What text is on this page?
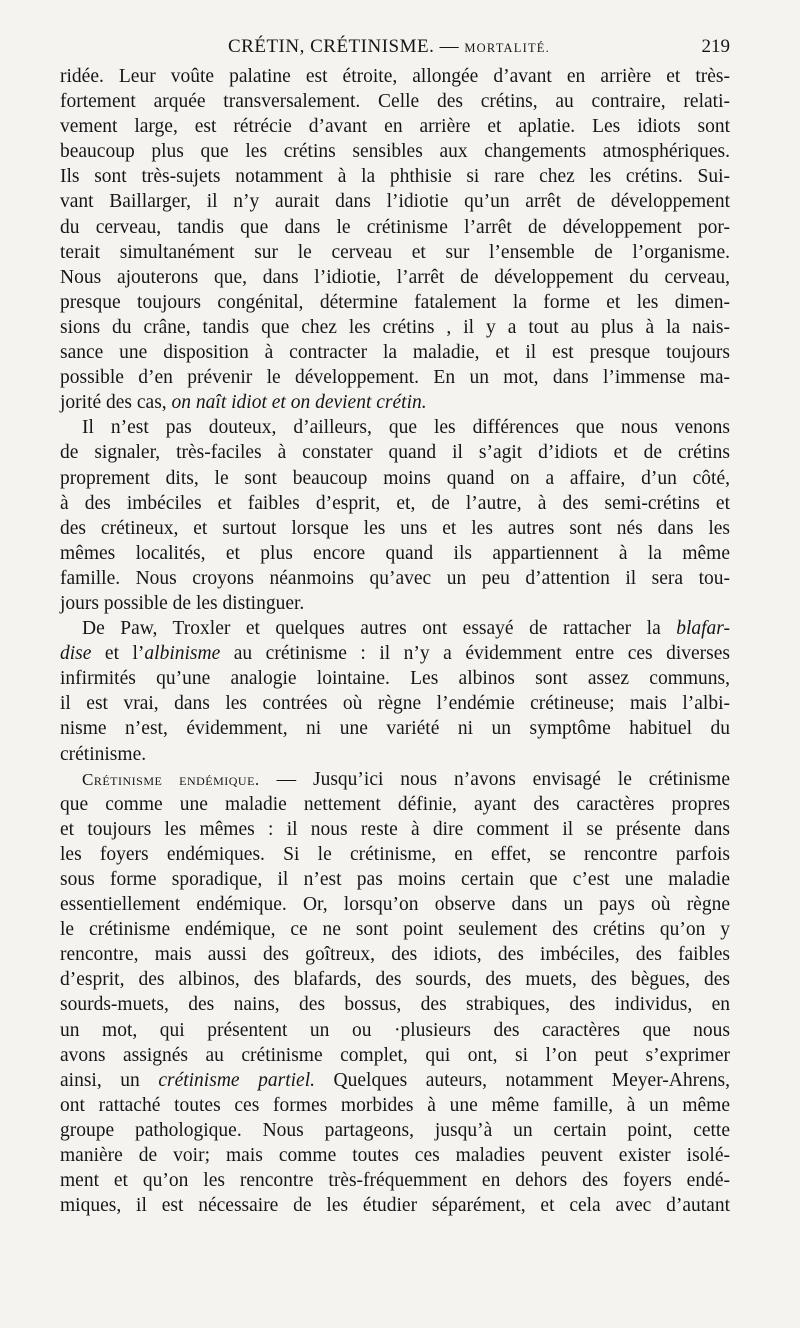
CRÉTIN, CRÉTINISME. — MORTALITÉ.	219

ridée. Leur voûte palatine est étroite, allongée d’avant en arrière et très-
fortement arquée transversalement. Celle des crétins, au contraire, relati-
vement large, est rétrécie d’avant en arrière et aplatie. Les idiots sont
beaucoup plus que les crétins sensibles aux changements atmosphériques.
Ils sont très-sujets notamment à la phthisie si rare chez les crétins. Sui-
vant Baillarger, il n’y aurait dans l’idiotie qu’un arrêt de développement
du cerveau, tandis que dans le crétinisme l’arrêt de développement por-
terait simultanément sur le cerveau et sur l’ensemble de l’organisme.
Nous ajouterons que, dans l’idiotie, l’arrêt de développement du cerveau,
presque toujours congénital, détermine fatalement la forme et les dimen-
sions du crâne, tandis que chez les crétins , il y a tout au plus à la nais-
sance une disposition à contracter la maladie, et il est presque toujours
possible d’en prévenir le développement. En un mot, dans l’immense ma-
jorité des cas, on naît idiot et on devient crétin.

Il n’est pas douteux, d’ailleurs, que les différences que nous venons
de signaler, très-faciles à constater quand il s’agit d’idiots et de crétins
proprement dits, le sont beaucoup moins quand on a affaire, d’un côté,
à des imbéciles et faibles d’esprit, et, de l’autre, à des semi-crétins et
des crétineux, et surtout lorsque les uns et les autres sont nés dans les
mêmes localités, et plus encore quand ils appartiennent à la même
famille. Nous croyons néanmoins qu’avec un peu d’attention il sera tou-
jours possible de les distinguer.

De Paw, Troxler et quelques autres ont essayé de rattacher la blafar-
dise et l’albinisme au crétinisme : il n’y a évidemment entre ces diverses
infirmités qu’une analogie lointaine. Les albinos sont assez communs,
il est vrai, dans les contrées où règne l’endémie crétineuse; mais l’albi-
nisme n’est, évidemment, ni une variété ni un symptôme habituel du
crétinisme.

Crétinisme endémique. — Jusqu’ici nous n’avons envisagé le crétinisme
que comme une maladie nettement définie, ayant des caractères propres
et toujours les mêmes : il nous reste à dire comment il se présente dans
les foyers endémiques. Si le crétinisme, en effet, se rencontre parfois
sous forme sporadique, il n’est pas moins certain que c’est une maladie
essentiellement endémique. Or, lorsqu’on observe dans un pays où règne
le crétinisme endémique, ce ne sont point seulement des crétins qu’on y
rencontre, mais aussi des goîtreux, des idiots, des imbéciles, des faibles
d’esprit, des albinos, des blafards, des sourds, des muets, des bègues, des
sourds-muets, des nains, des bossus, des strabiques, des individus, en
un mot, qui présentent un ou ·plusieurs des caractères que nous
avons assignés au crétinisme complet, qui ont, si l’on peut s’exprimer
ainsi, un crétinisme partiel. Quelques auteurs, notamment Meyer-Ahrens,
ont rattaché toutes ces formes morbides à une même famille, à un même
groupe pathologique. Nous partageons, jusqu’à un certain point, cette
manière de voir; mais comme toutes ces maladies peuvent exister isolé-
ment et qu’on les rencontre très-fréquemment en dehors des foyers endé-
miques, il est nécessaire de les étudier séparément, et cela avec d’autant
